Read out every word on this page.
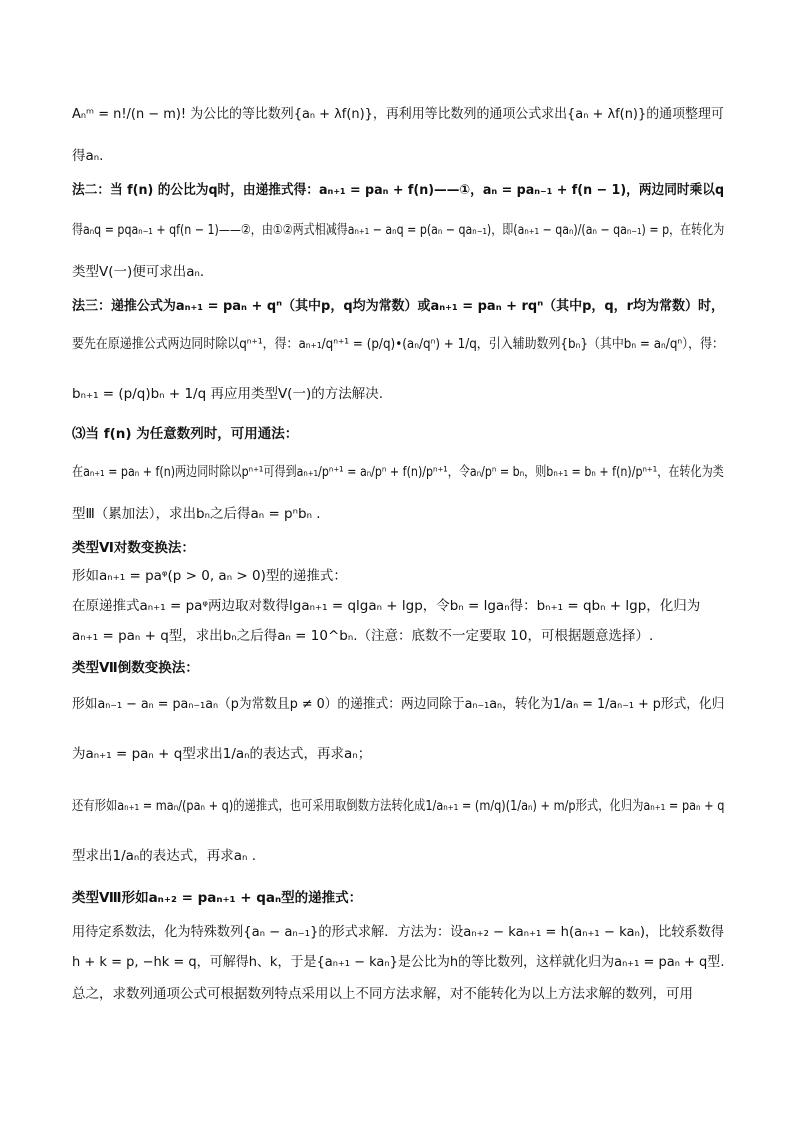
Aₙᵐ = n!/(n − m)! 为公比的等比数列{aₙ + λf(n)}，再利用等比数列的通项公式求出{aₙ + λf(n)}的通项整理可
得aₙ.
法二：当 f(n) 的公比为q时，由递推式得：aₙ₊₁ = paₙ + f(n)——①，aₙ = paₙ₋₁ + f(n − 1)，两边同时乘以q
得aₙq = pqaₙ₋₁ + qf(n − 1)——②，由①②两式相减得aₙ₊₁ − aₙq = p(aₙ − qaₙ₋₁)，即(aₙ₊₁ − qaₙ)/(aₙ − qaₙ₋₁) = p，在转化为
类型Ⅴ(一)便可求出aₙ.
法三：递推公式为aₙ₊₁ = paₙ + qⁿ（其中p，q均为常数）或aₙ₊₁ = paₙ + rqⁿ（其中p，q，r均为常数）时，
要先在原递推公式两边同时除以qⁿ⁺¹，得：aₙ₊₁/qⁿ⁺¹ = (p/q)•(aₙ/qⁿ) + 1/q，引入辅助数列{bₙ}（其中bₙ = aₙ/qⁿ），得：
bₙ₊₁ = (p/q)bₙ + 1/q 再应用类型Ⅴ(一)的方法解决.
⑶当 f(n) 为任意数列时，可用通法：
在aₙ₊₁ = paₙ + f(n)两边同时除以pⁿ⁺¹可得到aₙ₊₁/pⁿ⁺¹ = aₙ/pⁿ + f(n)/pⁿ⁺¹，令aₙ/pⁿ = bₙ，则bₙ₊₁ = bₙ + f(n)/pⁿ⁺¹，在转化为类
型Ⅲ（累加法），求出bₙ之后得aₙ = pⁿbₙ .
类型Ⅵ对数变换法：
形如aₙ₊₁ = paᵠ(p > 0, aₙ > 0)型的递推式：
在原递推式aₙ₊₁ = paᵠ两边取对数得lgaₙ₊₁ = qlgaₙ + lgp，令bₙ = lgaₙ得：bₙ₊₁ = qbₙ + lgp，化归为
aₙ₊₁ = paₙ + q型，求出bₙ之后得aₙ = 10^bₙ.（注意：底数不一定要取 10，可根据题意选择）.
类型Ⅶ倒数变换法：
形如aₙ₋₁ − aₙ = paₙ₋₁aₙ（p为常数且p ≠ 0）的递推式：两边同除于aₙ₋₁aₙ，转化为1/aₙ = 1/aₙ₋₁ + p形式，化归
为aₙ₊₁ = paₙ + q型求出1/aₙ的表达式，再求aₙ；
还有形如aₙ₊₁ = maₙ/(paₙ + q)的递推式，也可采用取倒数方法转化成1/aₙ₊₁ = (m/q)(1/aₙ) + m/p形式，化归为aₙ₊₁ = paₙ + q
型求出1/aₙ的表达式，再求aₙ .
类型Ⅷ形如aₙ₊₂ = paₙ₊₁ + qaₙ型的递推式：
用待定系数法，化为特殊数列{aₙ − aₙ₋₁}的形式求解．方法为：设aₙ₊₂ − kaₙ₊₁ = h(aₙ₊₁ − kaₙ)，比较系数得
h + k = p, −hk = q，可解得h、k，于是{aₙ₊₁ − kaₙ}是公比为h的等比数列，这样就化归为aₙ₊₁ = paₙ + q型.
总之，求数列通项公式可根据数列特点采用以上不同方法求解，对不能转化为以上方法求解的数列，可用
